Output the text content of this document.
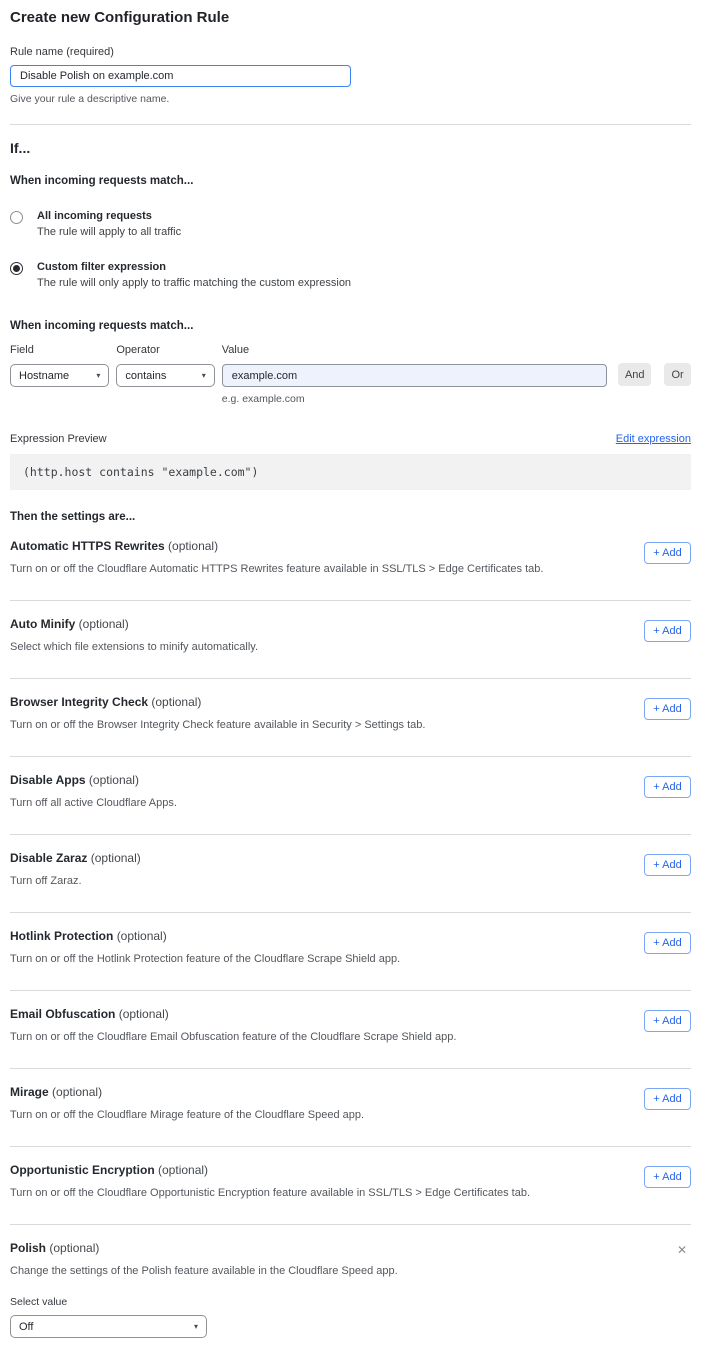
Create new Configuration Rule
Rule name (required)
Disable Polish on example.com
Give your rule a descriptive name.
If...
When incoming requests match...
All incoming requests
The rule will apply to all traffic
Custom filter expression
The rule will only apply to traffic matching the custom expression
When incoming requests match...
Field
Hostname	▾
Operator
contains	▾
Value
example.com
e.g. example.com
And	Or
Expression Preview	Edit expression
(http.host contains "example.com")
Then the settings are...
Automatic HTTPS Rewrites (optional)
Turn on or off the Cloudflare Automatic HTTPS Rewrites feature available in SSL/TLS > Edge Certificates tab.
+ Add
Auto Minify (optional)
Select which file extensions to minify automatically.
+ Add
Browser Integrity Check (optional)
Turn on or off the Browser Integrity Check feature available in Security > Settings tab.
+ Add
Disable Apps (optional)
Turn off all active Cloudflare Apps.
+ Add
Disable Zaraz (optional)
Turn off Zaraz.
+ Add
Hotlink Protection (optional)
Turn on or off the Hotlink Protection feature of the Cloudflare Scrape Shield app.
+ Add
Email Obfuscation (optional)
Turn on or off the Cloudflare Email Obfuscation feature of the Cloudflare Scrape Shield app.
+ Add
Mirage (optional)
Turn on or off the Cloudflare Mirage feature of the Cloudflare Speed app.
+ Add
Opportunistic Encryption (optional)
Turn on or off the Cloudflare Opportunistic Encryption feature available in SSL/TLS > Edge Certificates tab.
+ Add
Polish (optional)
Change the settings of the Polish feature available in the Cloudflare Speed app.
✕
Select value
Off	▾
